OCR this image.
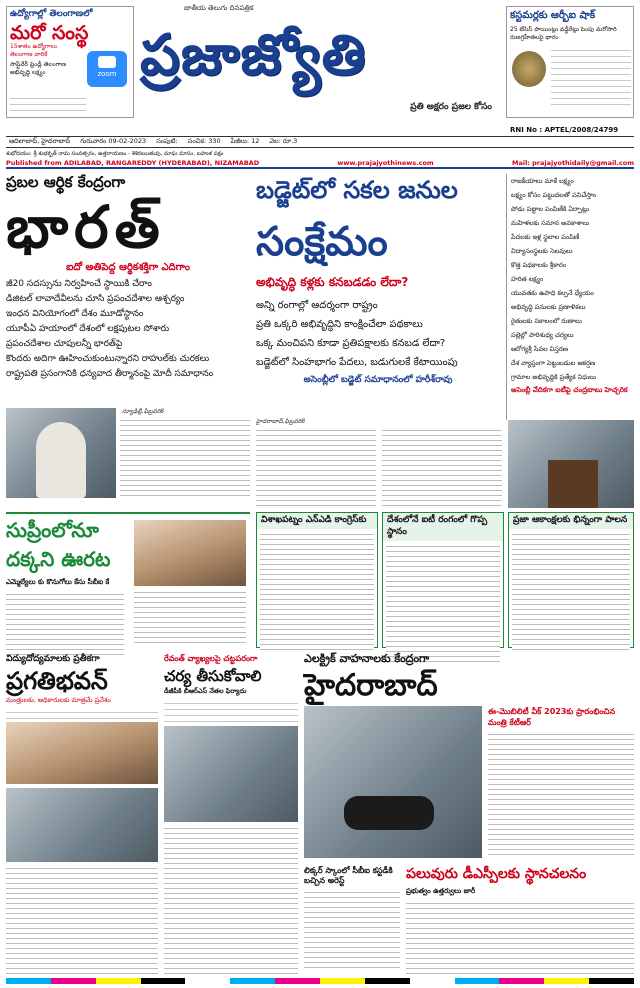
ఉద్యోగాల్లో తెలంగాణలో
మరో సంస్థ
15శాతం ఉద్యోగాలు తెలంగాణ వారికే
zoom
సాఫ్ట్‌వేర్ ఫ్రెండ్లీ తెలంగాణ అభివృద్ధి లక్ష్యం
జాతీయ తెలుగు దినపత్రిక
ప్రజాజ్యోతి
ప్రతి అక్షరం ప్రజల కోసం
కస్టమర్లకు ఆర్బీఐ షాక్
25 బేసిస్ పాయింట్లు వడ్డీరేట్లు పెంపు మరోసారి రుణగ్రహీతలపై భారం
RNI No : APTEL/2008/24799
ఆదిలాబాద్, హైదరాబాద్ గురువారం 09-02-2023 సంపుటి: సంచిక: 330 పేజీలు: 12 వెల: రూ.3
శుభోదయం: శ్రీ శుభకృత్ నామ సంవత్సరం, ఉత్తరాయణం - శిశిరఋతువు, మాఘ మాసం, బహుళ పక్షం
Published from ADILABAD, RANGAREDDY (HYDERABAD), NIZAMABAD	www.prajajyothinews.com	Mail: prajajyothidaily@gmail.com
ప్రబల ఆర్థిక కేంద్రంగా
భారత్
ఐదో అతిపెద్ద ఆర్థికశక్తిగా ఎదిగాం
జీ20 సదస్సును నిర్వహించే స్థాయికి చేరాం
డిజిటల్ లావాదేవీలను చూసి ప్రపంచదేశాల ఆశ్చర్యం
ఇంధన వినియోగంలో దేశం మూడోస్థానం
యూపీఏ హయాంలో దేశంలో లక్షపుటల సోశారు
ప్రపంచదేశాల చూపులన్నీ భారత్‌పై
కొందరు అదిగా ఊహించుకుంటున్నారని రాహుల్‌కు చురకలు
రాష్ట్రపతి ప్రసంగానికి ధన్యవాద తీర్మానంపై మోదీ సమాధానం
న్యూఢిల్లీ,ఫిబ్రవరి8
బడ్జెట్‌లో సకల జనుల
సంక్షేమం
అభివృద్ధి కళ్లకు కనబడడం లేదా?
అన్ని రంగాల్లో ఆదర్శంగా రాష్ట్రం
ప్రతి ఒక్కరి అభివృద్ధిని కాంక్షించేలా పథకాలు
ఒక్క మంచిపని కూడా ప్రతిపక్షాలకు కనబడ లేదా?
బడ్జెట్‌లో సింహభాగం పేదలు, బడుగులకే కేటాయింపు
అసెంబ్లీలో బడ్జెట్ సమాధానంలో హరీశ్‌రావు
రాజకీయాలు మాకే లక్ష్యం
లక్ష్యం కోసం పట్టుదలతో పనిచేస్తాం
పోడు పట్టాల పంపిణీకి ఏర్పాట్లు
మహిళలకు సమాన అవకాశాలు
పేదలకు ఇళ్ల స్థలాల పంపిణీ
విద్యాసంస్థలకు సెలవులు
కొత్త పథకాలకు శ్రీకారం
హరిత లక్ష్యం
యువతకు ఉపాధి కల్పనే ధ్యేయం
అభివృద్ధి పనులకు ప్రణాళికలు
రైతులకు సకాలంలో రుణాలు
పల్లెల్లో పారిశుధ్య చర్యలు
ఆరోగ్యశ్రీ సేవల విస్తరణ
దేశ వ్యాప్తంగా పెట్టుబడుల ఆకర్షణ
గ్రామాల అభివృద్ధికి ప్రత్యేక నిధులు
అసెంబ్లీ వేదికగా ఐటీపై చంద్రబాబు హెచ్చరిక
హైదరాబాద్,ఫిబ్రవరి8
సుప్రీంలోనూ
దక్కని ఊరట
ఎమ్మెల్యేలు కు కొనుగోలు కేసు సీబీఐ కే
విశాఖపట్నం ఎన్ఎడి కాంగ్రెస్‌కు	దేశంలోనే ఐటీ రంగంలో గొప్ప స్థానం
ప్రజా ఆకాంక్షలకు భిన్నంగా పాలన
విద్యుదోద్యమాలకు ప్రతీకగా
ప్రగతిభవన్
మంత్రులకు, అధికారులకు మాత్రమే ప్రవేశం
రేవంత్ వ్యాఖ్యలపై చట్టపరంగా
చర్య తీసుకోవాలి
డీజీపీకి బీఆర్ఎస్ నేతల ఫిర్యాదు
ఎలక్ట్రిక్ వాహనాలకు కేంద్రంగా
హైదరాబాద్
ఈ-మొబిలిటీ వీక్ 2023కు ప్రారంభించిన మంత్రి కేటీఆర్
లిక్కర్ స్కాంలో సీబీఐ కస్టడీకి బచ్చిన అరెస్ట్	పలువురు డీఎస్పీలకు స్థానచలనం
ప్రభుత్వం ఉత్తర్వులు జారీ
